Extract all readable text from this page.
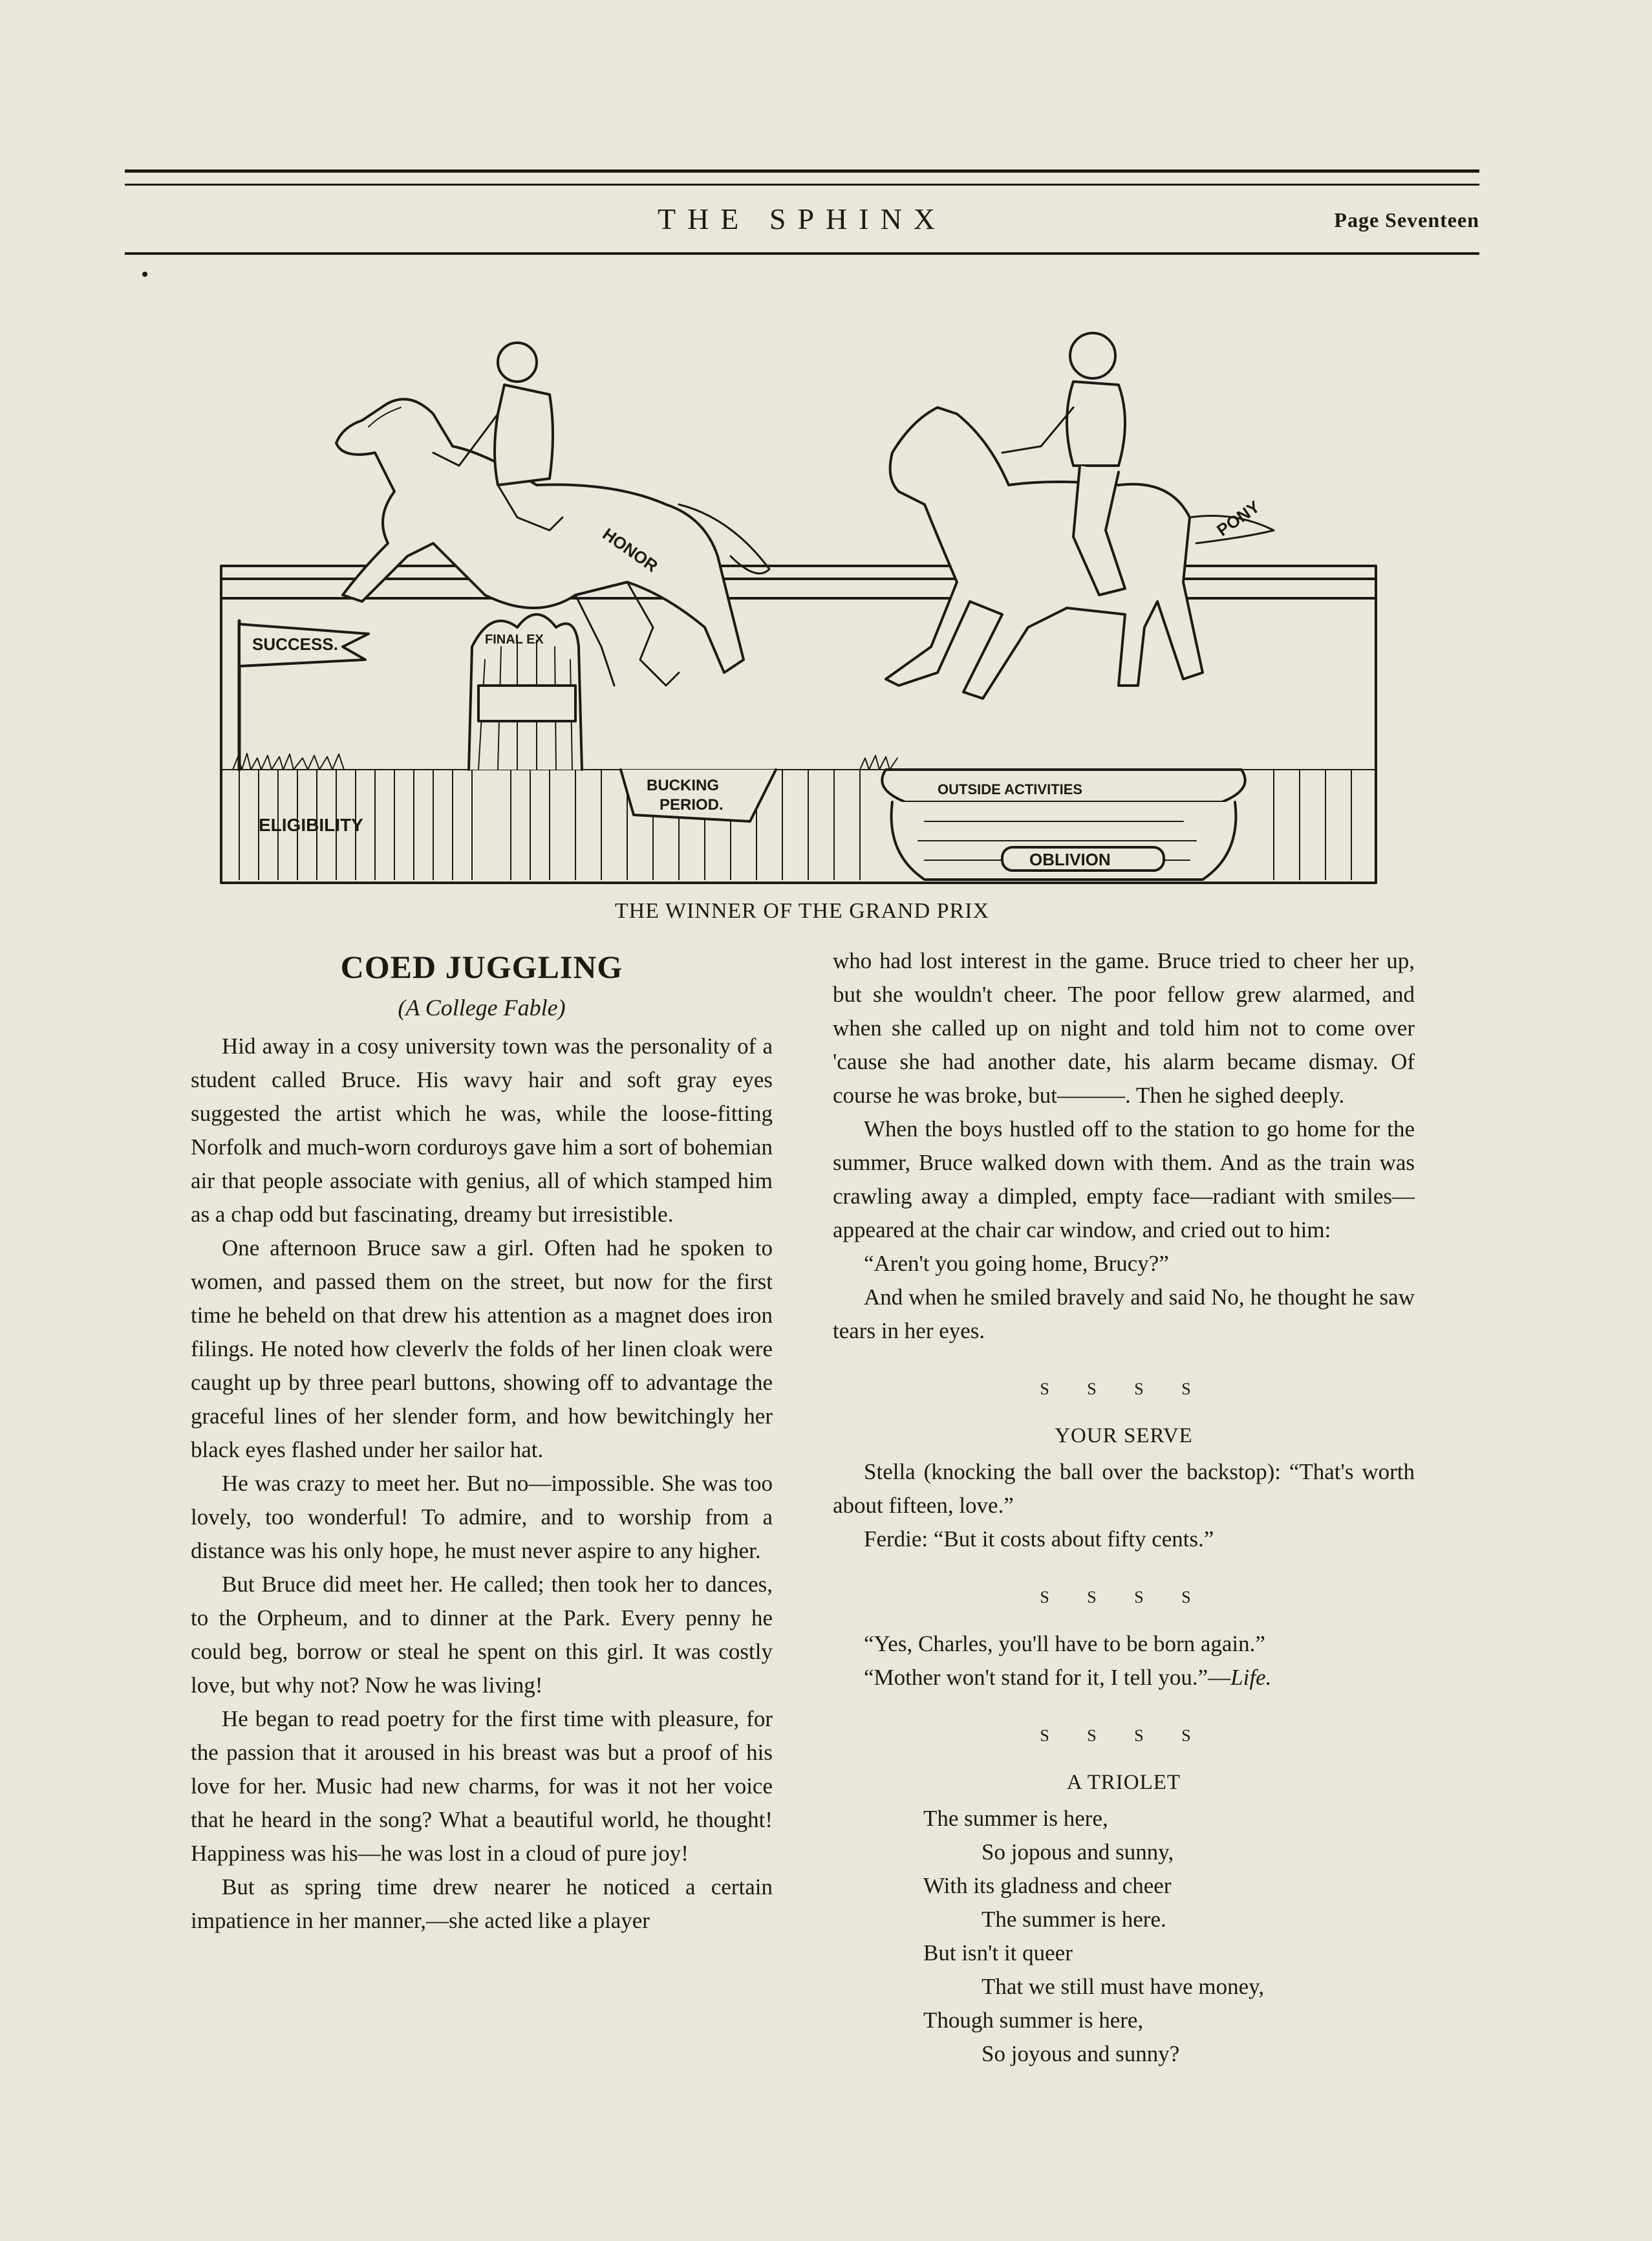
THE SPHINX	Page Seventeen
SUCCESS.	FINAL EX
ELIGIBILITY
BUCKING
PERIOD.
OUTSIDE ACTIVITIES
OBLIVION
HONOR
PONY
THE WINNER OF THE GRAND PRIX
COED JUGGLING
(A College Fable)

Hid away in a cosy university town was the personality of a student called Bruce. His wavy hair and soft gray eyes suggested the artist which he was, while the loose-fitting Norfolk and much-worn corduroys gave him a sort of bohemian air that people associate with genius, all of which stamped him as a chap odd but fascinating, dreamy but irresistible.

One afternoon Bruce saw a girl. Often had he spoken to women, and passed them on the street, but now for the first time he beheld on that drew his attention as a magnet does iron filings. He noted how cleverlv the folds of her linen cloak were caught up by three pearl buttons, showing off to advantage the graceful lines of her slender form, and how bewitchingly her black eyes flashed under her sailor hat.

He was crazy to meet her. But no—impossible. She was too lovely, too wonderful! To admire, and to worship from a distance was his only hope, he must never aspire to any higher.

But Bruce did meet her. He called; then took her to dances, to the Orpheum, and to dinner at the Park. Every penny he could beg, borrow or steal he spent on this girl. It was costly love, but why not? Now he was living!

He began to read poetry for the first time with pleasure, for the passion that it aroused in his breast was but a proof of his love for her. Music had new charms, for was it not her voice that he heard in the song? What a beautiful world, he thought! Happiness was his—he was lost in a cloud of pure joy!

But as spring time drew nearer he noticed a certain impatience in her manner,—she acted like a player

who had lost interest in the game. Bruce tried to cheer her up, but she wouldn't cheer. The poor fellow grew alarmed, and when she called up on night and told him not to come over 'cause she had another date, his alarm became dismay. Of course he was broke, but———. Then he sighed deeply.

When the boys hustled off to the station to go home for the summer, Bruce walked down with them. And as the train was crawling away a dimpled, empty face—radiant with smiles—appeared at the chair car window, and cried out to him:

“Aren't you going home, Brucy?”

And when he smiled bravely and said No, he thought he saw tears in her eyes.

S S S S
YOUR SERVE

Stella (knocking the ball over the backstop): “That's worth about fifteen, love.”

Ferdie: “But it costs about fifty cents.”

S S S S

“Yes, Charles, you'll have to be born again.”

“Mother won't stand for it, I tell you.”—Life.

S S S S
A TRIOLET
The summer is here,
So jopous and sunny,
With its gladness and cheer
The summer is here.
But isn't it queer
That we still must have money,
Though summer is here,
So joyous and sunny?
